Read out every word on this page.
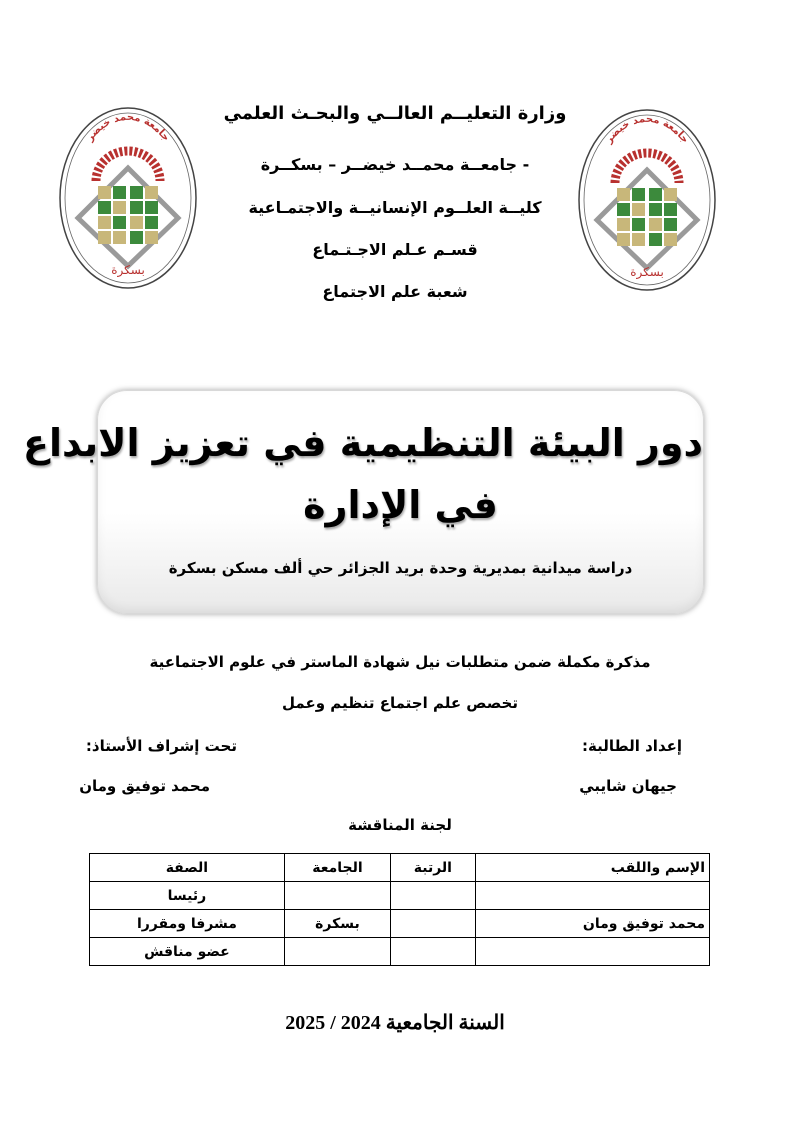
وزارة التعليــم العالــي والبحـث العلمي
- جامعــة محمــد خيضــر – بسكــرة
كليــة العلــوم الإنسانيــة والاجتمـاعية
قسـم عـلم الاجـتـماع
شعبة علم الاجتماع
جامعة محمد خيضر
بسكرة
جامعة محمد خيضر
بسكرة
دور البيئة التنظيمية في تعزيز الابداع
في الإدارة
دراسة ميدانية بمديرية وحدة بريد الجزائر حي ألف مسكن بسكرة
مذكرة مكملة ضمن متطلبات نيل شهادة الماستر في علوم الاجتماعية
تخصص علم اجتماع تنظيم وعمل
إعداد الطالبة:
تحت إشراف الأستاذ:
جيهان شايبي
محمد توفيق ومان
لجنة المناقشة
الإسم واللقب	الرتبة	الجامعة	الصفة
			رئيسا
محمد توفيق ومان		بسكرة	مشرفا ومقررا
			عضو مناقش
السنة الجامعية 2025 / 2024
